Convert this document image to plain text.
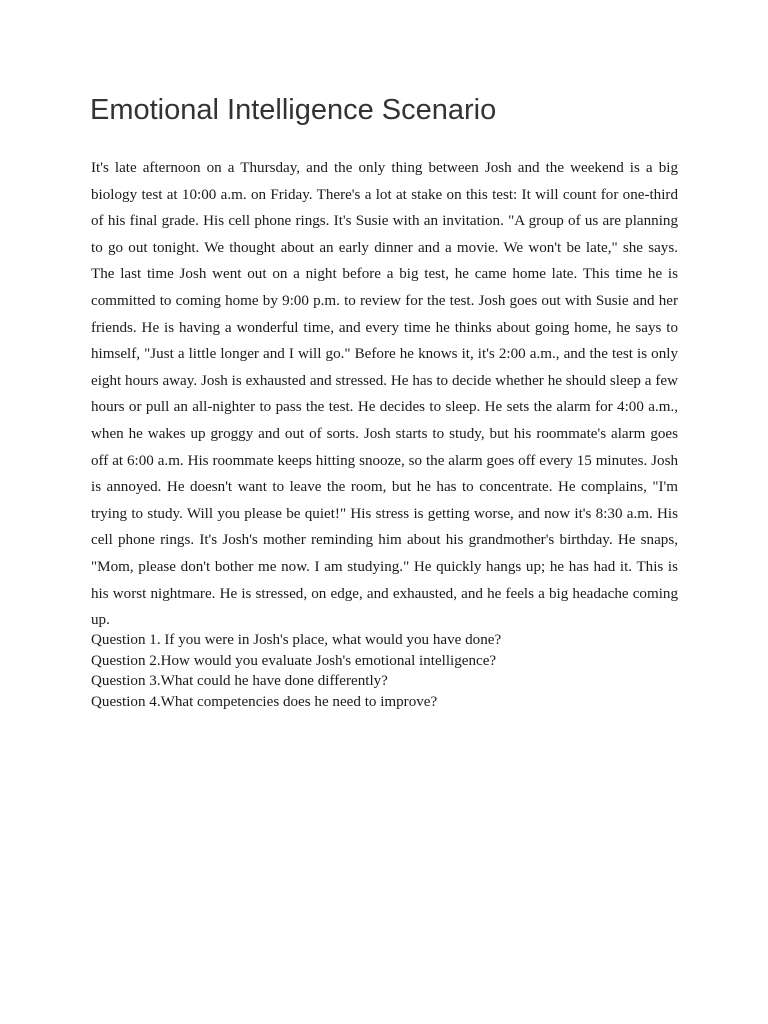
Emotional Intelligence Scenario

It's late afternoon on a Thursday, and the only thing between Josh and the weekend is a big biology test at 10:00 a.m. on Friday. There's a lot at stake on this test: It will count for one-third of his final grade. His cell phone rings. It's Susie with an invitation. "A group of us are planning to go out tonight. We thought about an early dinner and a movie. We won't be late," she says. The last time Josh went out on a night before a big test, he came home late. This time he is committed to coming home by 9:00 p.m. to review for the test. Josh goes out with Susie and her friends. He is having a wonderful time, and every time he thinks about going home, he says to himself, "Just a little longer and I will go." Before he knows it, it's 2:00 a.m., and the test is only eight hours away. Josh is exhausted and stressed. He has to decide whether he should sleep a few hours or pull an all-nighter to pass the test. He decides to sleep. He sets the alarm for 4:00 a.m., when he wakes up groggy and out of sorts. Josh starts to study, but his roommate's alarm goes off at 6:00 a.m. His roommate keeps hitting snooze, so the alarm goes off every 15 minutes. Josh is annoyed. He doesn't want to leave the room, but he has to concentrate. He complains, "I'm trying to study. Will you please be quiet!" His stress is getting worse, and now it's 8:30 a.m. His cell phone rings. It's Josh's mother reminding him about his grandmother's birthday. He snaps, "Mom, please don't bother me now. I am studying." He quickly hangs up; he has had it. This is his worst nightmare. He is stressed, on edge, and exhausted, and he feels a big headache coming up.

Question 1. If you were in Josh's place, what would you have done?
Question 2.How would you evaluate Josh's emotional intelligence?
Question 3.What could he have done differently?
Question 4.What competencies does he need to improve?
